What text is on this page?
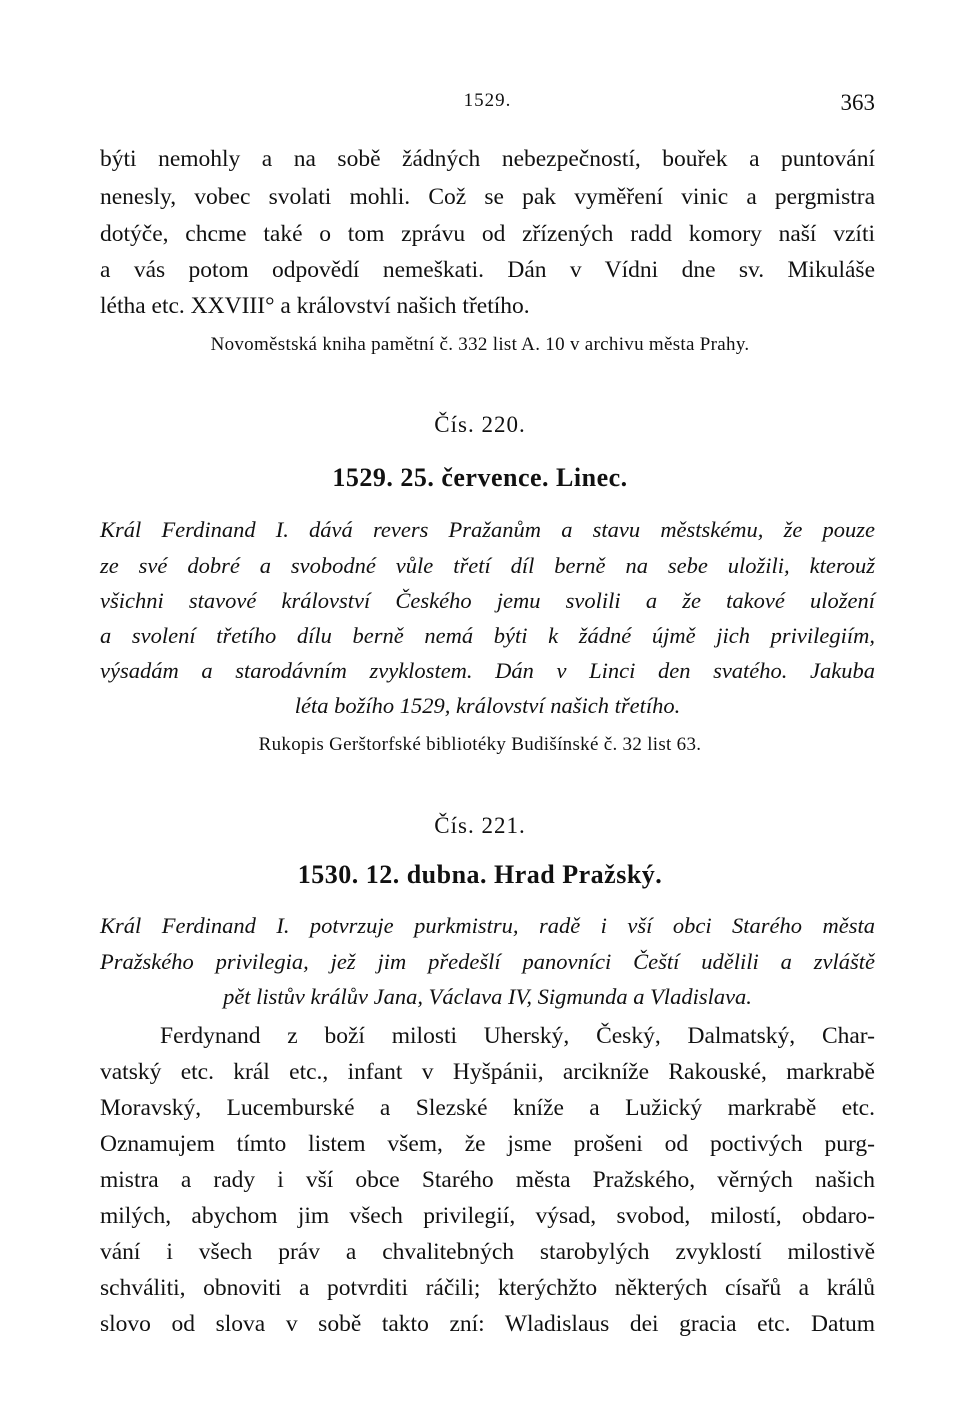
1529.	363
býti nemohly a na sobě žádných nebezpečností, bouřek a puntování
nenesly, vobec svolati mohli. Což se pak vyměření vinic a pergmistra
dotýče, chcme také o tom zprávu od zřízených radd komory naší vzíti
a vás potom odpovědí nemeškati. Dán v Vídni dne sv. Mikuláše
létha etc. XXVIII° a království našich třetího.
Novoměstská kniha pamětní č. 332 list A. 10 v archivu města Prahy.
Čís. 220.
1529. 25. července. Linec.
Král Ferdinand I. dává revers Pražanům a stavu městskému, že pouze
ze své dobré a svobodné vůle třetí díl berně na sebe uložili, kterouž
všichni stavové království Českého jemu svolili a že takové uložení
a svolení třetího dílu berně nemá býti k žádné újmě jich privilegiím,
výsadám a starodávním zvyklostem. Dán v Linci den svatého. Jakuba
léta božího 1529, království našich třetího.
Rukopis Gerštorfské bibliotéky Budišínské č. 32 list 63.
Čís. 221.
1530. 12. dubna. Hrad Pražský.
Král Ferdinand I. potvrzuje purkmistru, radě i vší obci Starého města
Pražského privilegia, jež jim předešlí panovníci Čeští udělili a zvláště
pět listův králův Jana, Václava IV, Sigmunda a Vladislava.
Ferdynand z boží milosti Uherský, Český, Dalmatský, Char-
vatský etc. král etc., infant v Hyšpánii, arcikníže Rakouské, markrabě
Moravský, Lucemburské a Slezské kníže a Lužický markrabě etc.
Oznamujem tímto listem všem, že jsme prošeni od poctivých purg-
mistra a rady i vší obce Starého města Pražského, věrných našich
milých, abychom jim všech privilegií, výsad, svobod, milostí, obdaro-
vání i všech práv a chvalitebných starobylých zvyklostí milostivě
schváliti, obnoviti a potvrditi ráčili; kterýchžto některých císařů a králů
slovo od slova v sobě takto zní: Wladislaus dei gracia etc. Datum
